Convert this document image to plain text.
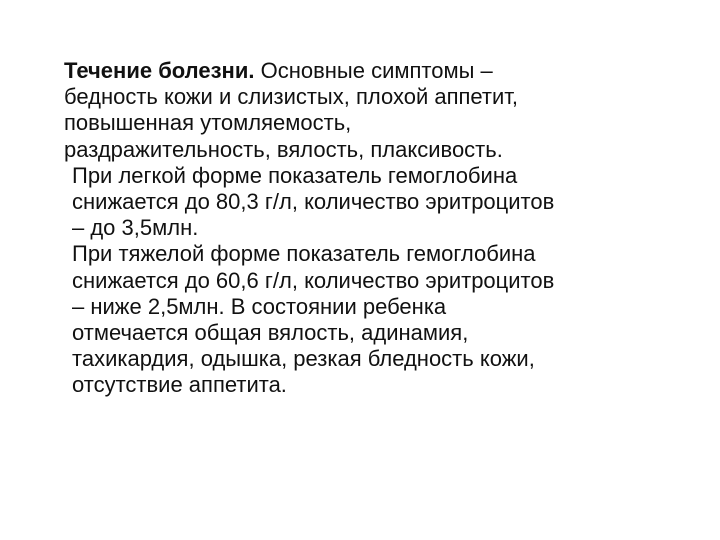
Течение болезни. Основные симптомы –
бедность кожи и слизистых, плохой аппетит,
повышенная утомляемость,
раздражительность, вялость, плаксивость.

При легкой форме показатель гемоглобина
снижается до 80,3 г/л, количество эритроцитов
– до 3,5млн.

При тяжелой форме показатель гемоглобина
снижается до 60,6 г/л, количество эритроцитов
– ниже 2,5млн. В состоянии ребенка
отмечается общая вялость, адинамия,
тахикардия, одышка, резкая бледность кожи,
отсутствие аппетита.
